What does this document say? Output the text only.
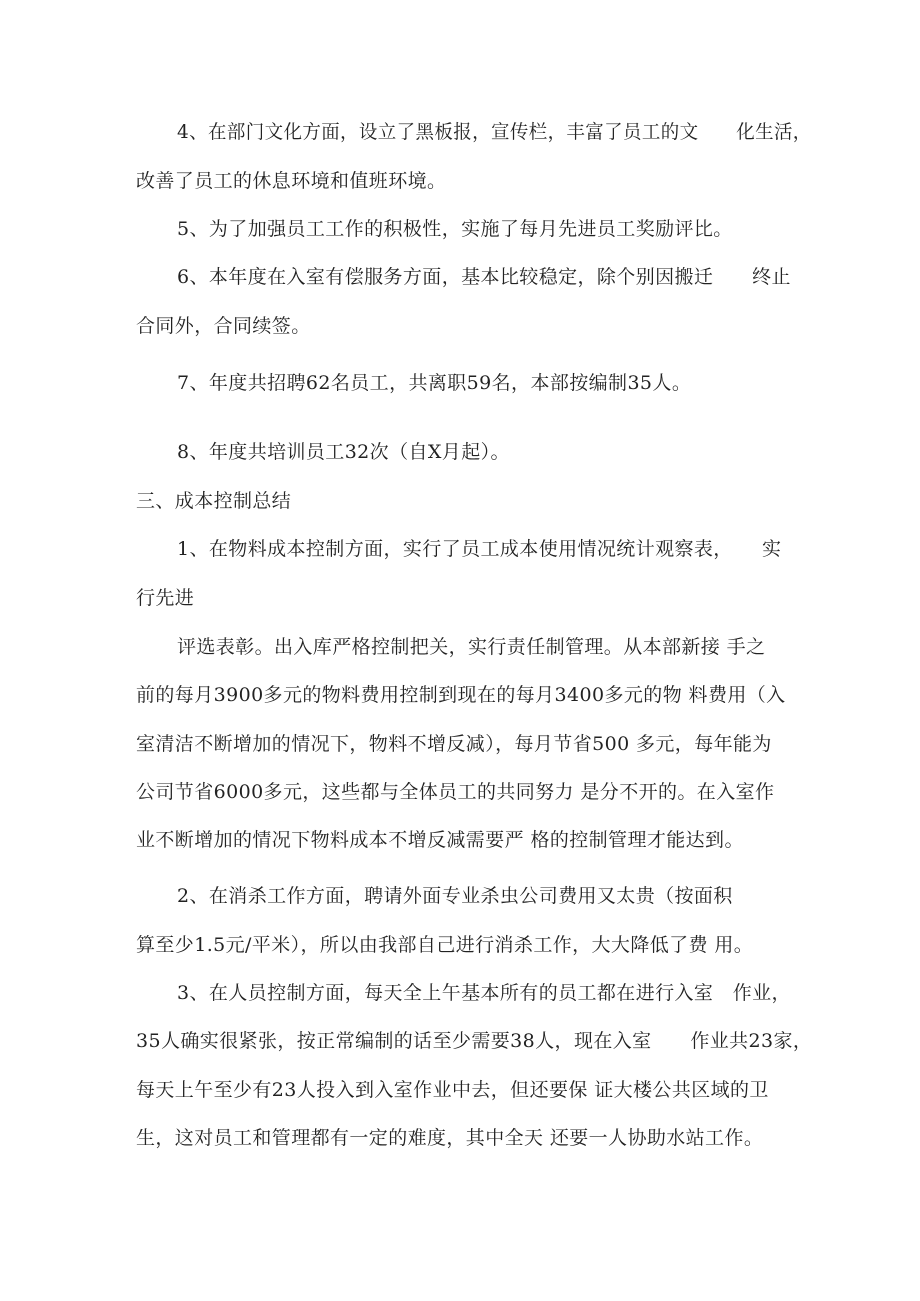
4、在部门文化方面，设立了黑板报，宣传栏，丰富了员工的文　　化生活，

改善了员工的休息环境和值班环境。

5、为了加强员工工作的积极性，实施了每月先进员工奖励评比。

6、本年度在入室有偿服务方面，基本比较稳定，除个别因搬迁　　终止

合同外，合同续签。

7、年度共招聘62名员工，共离职59名，本部按编制35人。

8、年度共培训员工32次（自X月起）。

三、成本控制总结

1、在物料成本控制方面，实行了员工成本使用情况统计观察表，　　实

行先进

评选表彰。出入库严格控制把关，实行责任制管理。从本部新接 手之

前的每月3900多元的物料费用控制到现在的每月3400多元的物 料费用（入

室清洁不断增加的情况下，物料不增反减），每月节省500 多元，每年能为

公司节省6000多元，这些都与全体员工的共同努力 是分不开的。在入室作

业不断增加的情况下物料成本不增反减需要严 格的控制管理才能达到。

2、在消杀工作方面，聘请外面专业杀虫公司费用又太贵（按面积

算至少1.5元/平米），所以由我部自己进行消杀工作，大大降低了费 用。

3、在人员控制方面，每天全上午基本所有的员工都在进行入室　作业，

35人确实很紧张，按正常编制的话至少需要38人，现在入室　　作业共23家，

每天上午至少有23人投入到入室作业中去，但还要保 证大楼公共区域的卫

生，这对员工和管理都有一定的难度，其中全天 还要一人协助水站工作。
